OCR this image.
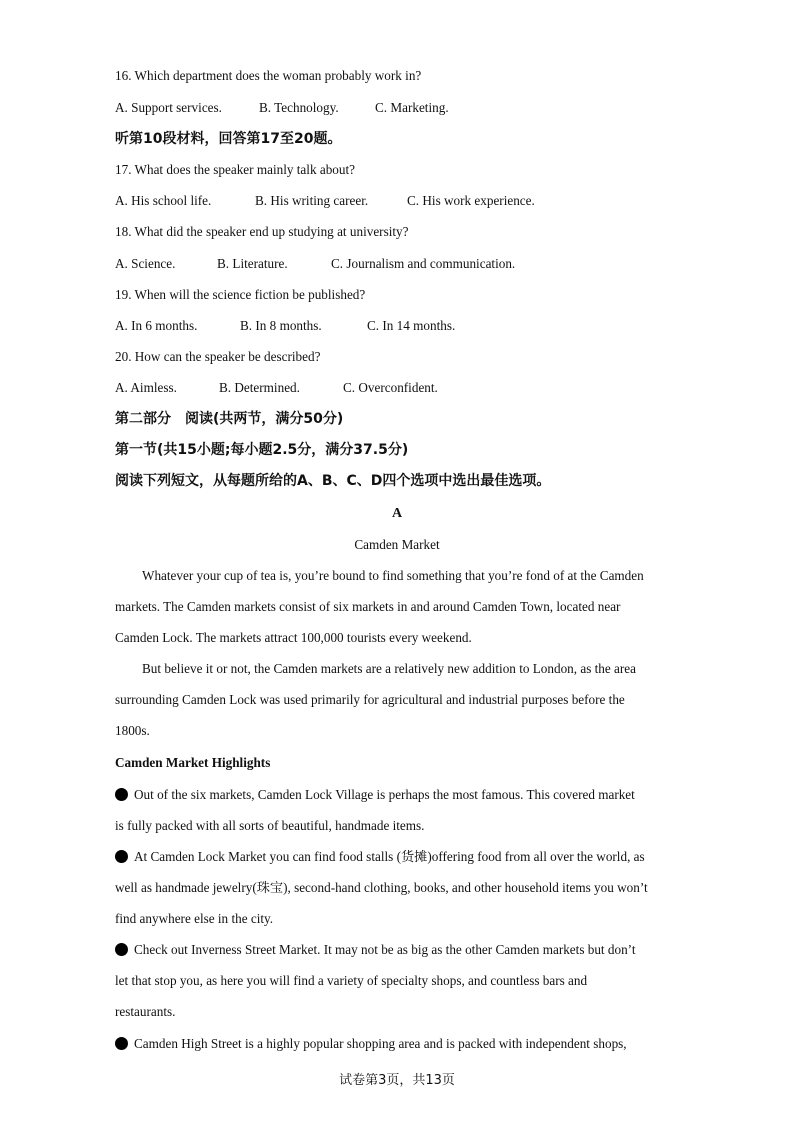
16. Which department does the woman probably work in?
A. Support services.	B. Technology.	C. Marketing.
听第10段材料，回答第17至20题。
17. What does the speaker mainly talk about?
A. His school life.	B. His writing career.	C. His work experience.
18. What did the speaker end up studying at university?
A. Science.	B. Literature.	C. Journalism and communication.
19. When will the science fiction be published?
A. In 6 months.	B. In 8 months.	C. In 14 months.
20. How can the speaker be described?
A. Aimless.	B. Determined.	C. Overconfident.
第二部分　阅读(共两节，满分50分)
第一节(共15小题;每小题2.5分，满分37.5分)
阅读下列短文，从每题所给的A、B、C、D四个选项中选出最佳选项。
A
Camden Market
Whatever your cup of tea is, you’re bound to find something that you’re fond of at the Camden
markets. The Camden markets consist of six markets in and around Camden Town, located near
Camden Lock. The markets attract 100,000 tourists every weekend.
But believe it or not, the Camden markets are a relatively new addition to London, as the area
surrounding Camden Lock was used primarily for agricultural and industrial purposes before the
1800s.
Camden Market Highlights
Out of the six markets, Camden Lock Village is perhaps the most famous. This covered market
is fully packed with all sorts of beautiful, handmade items.
At Camden Lock Market you can find food stalls (货摊)offering food from all over the world, as
well as handmade jewelry(珠宝), second-hand clothing, books, and other household items you won’t
find anywhere else in the city.
Check out Inverness Street Market. It may not be as big as the other Camden markets but don’t
let that stop you, as here you will find a variety of specialty shops, and countless bars and
restaurants.
Camden High Street is a highly popular shopping area and is packed with independent shops,
试卷第3页，共13页
